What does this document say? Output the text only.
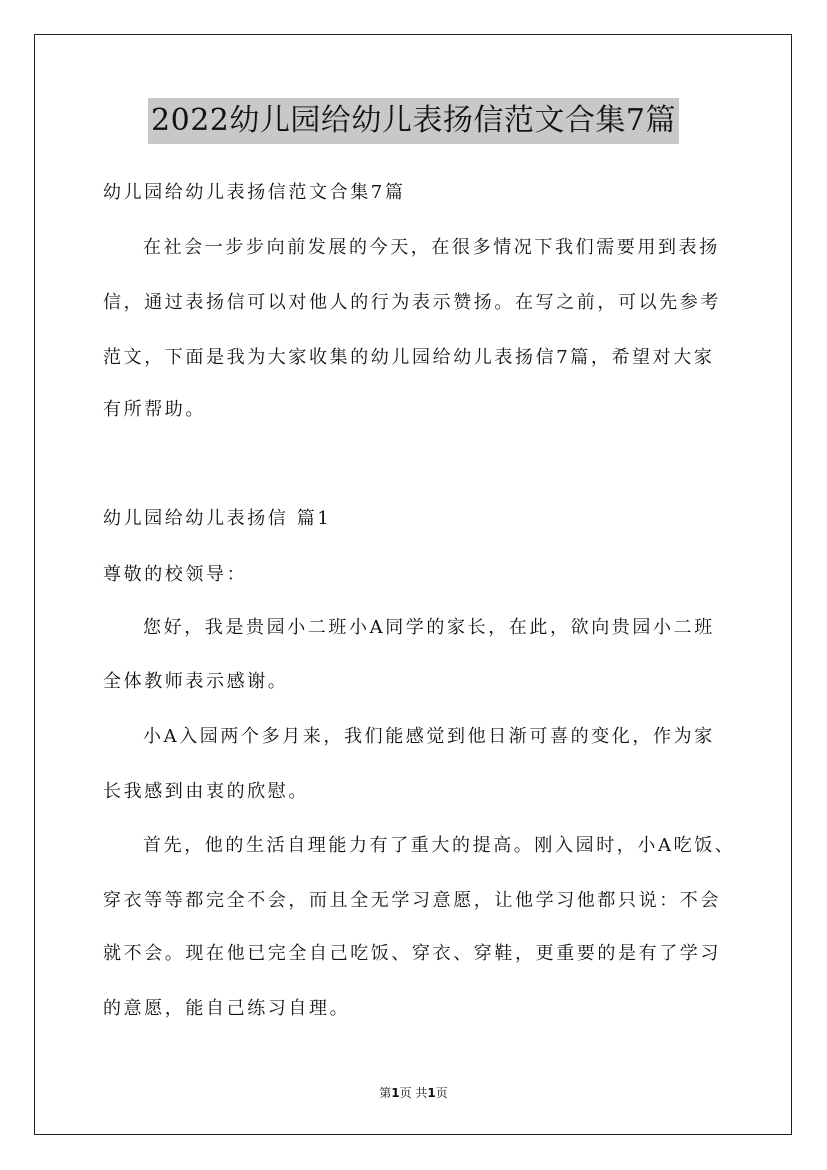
2022幼儿园给幼儿表扬信范文合集7篇
幼儿园给幼儿表扬信范文合集7篇
在社会一步步向前发展的今天，在很多情况下我们需要用到表扬
信，通过表扬信可以对他人的行为表示赞扬。在写之前，可以先参考
范文，下面是我为大家收集的幼儿园给幼儿表扬信7篇，希望对大家
有所帮助。
幼儿园给幼儿表扬信 篇1
尊敬的校领导：
您好，我是贵园小二班小A同学的家长，在此，欲向贵园小二班
全体教师表示感谢。
小A入园两个多月来，我们能感觉到他日渐可喜的变化，作为家
长我感到由衷的欣慰。
首先，他的生活自理能力有了重大的提高。刚入园时，小A吃饭、
穿衣等等都完全不会，而且全无学习意愿，让他学习他都只说：不会
就不会。现在他已完全自己吃饭、穿衣、穿鞋，更重要的是有了学习
的意愿，能自己练习自理。
第1页 共1页
